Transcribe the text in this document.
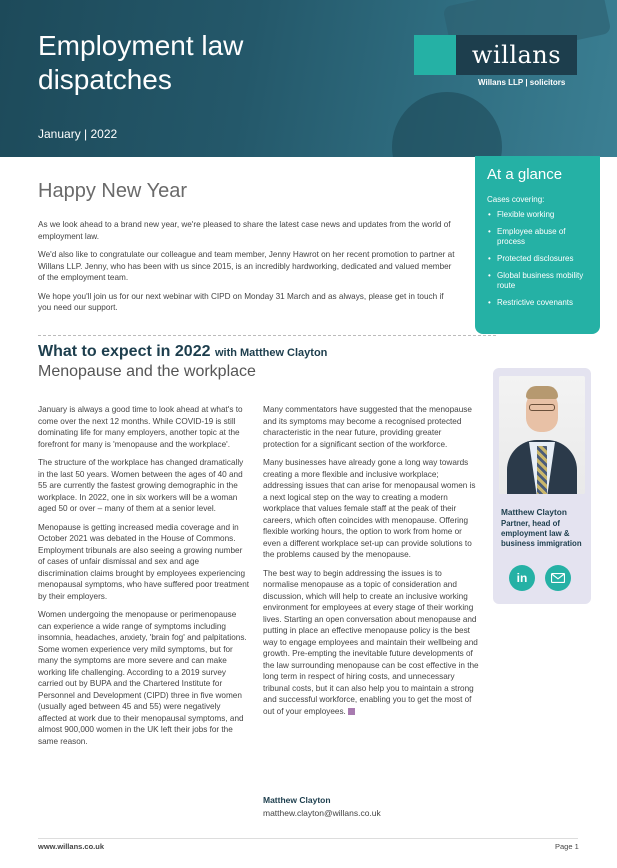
Employment law
dispatches
January | 2022
willans
Willans LLP | solicitors
Happy New Year

As we look ahead to a brand new year, we're pleased to share the latest case news and updates from the world of employment law.

We'd also like to congratulate our colleague and team member, Jenny Hawrot on her recent promotion to partner at Willans LLP. Jenny, who has been with us since 2015, is an incredibly hardworking, dedicated and valued member of the employment team.

We hope you'll join us for our next webinar with CIPD on Monday 31 March and as always, please get in touch if you need our support.

At a glance
Cases covering:
• Flexible working
• Employee abuse of process
• Protected disclosures
• Global business mobility route
• Restrictive covenants
What to expect in 2022 with Matthew Clayton
Menopause and the workplace

January is always a good time to look ahead at what's to come over the next 12 months. While COVID-19 is still dominating life for many employers, another topic at the forefront for many is 'menopause and the workplace'.

The structure of the workplace has changed dramatically in the last 50 years. Women between the ages of 40 and 55 are currently the fastest growing demographic in the workplace. In 2022, one in six workers will be a woman aged 50 or over – many of them at a senior level.

Menopause is getting increased media coverage and in October 2021 was debated in the House of Commons. Employment tribunals are also seeing a growing number of cases of unfair dismissal and sex and age discrimination claims brought by employees experiencing menopausal symptoms, who have suffered poor treatment by their employers.

Women undergoing the menopause or perimenopause can experience a wide range of symptoms including insomnia, headaches, anxiety, 'brain fog' and palpitations. Some women experience very mild symptoms, but for many the symptoms are more severe and can make working life challenging. According to a 2019 survey carried out by BUPA and the Chartered Institute for Personnel and Development (CIPD) three in five women (usually aged between 45 and 55) were negatively affected at work due to their menopausal symptoms, and almost 900,000 women in the UK left their jobs for the same reason.

Many commentators have suggested that the menopause and its symptoms may become a recognised protected characteristic in the near future, providing greater protection for a significant section of the workforce.

Many businesses have already gone a long way towards creating a more flexible and inclusive workplace; addressing issues that can arise for menopausal women is a next logical step on the way to creating a modern workplace that values female staff at the peak of their careers, which often coincides with menopause. Offering flexible working hours, the option to work from home or even a different workplace set-up can provide solutions to the problems caused by the menopause.

The best way to begin addressing the issues is to normalise menopause as a topic of consideration and discussion, which will help to create an inclusive working environment for employees at every stage of their working lives. Starting an open conversation about menopause and putting in place an effective menopause policy is the best way to engage employees and maintain their wellbeing and growth. Pre-empting the inevitable future developments of the law surrounding menopause can be cost effective in the long term in respect of hiring costs, and unnecessary tribunal costs, but it can also help you to maintain a strong and successful workforce, enabling you to get the most of out of your employees.

Matthew Clayton
matthew.clayton@willans.co.uk
Matthew Clayton
Partner, head of employment law & business immigration
in
www.willans.co.uk	Page 1
